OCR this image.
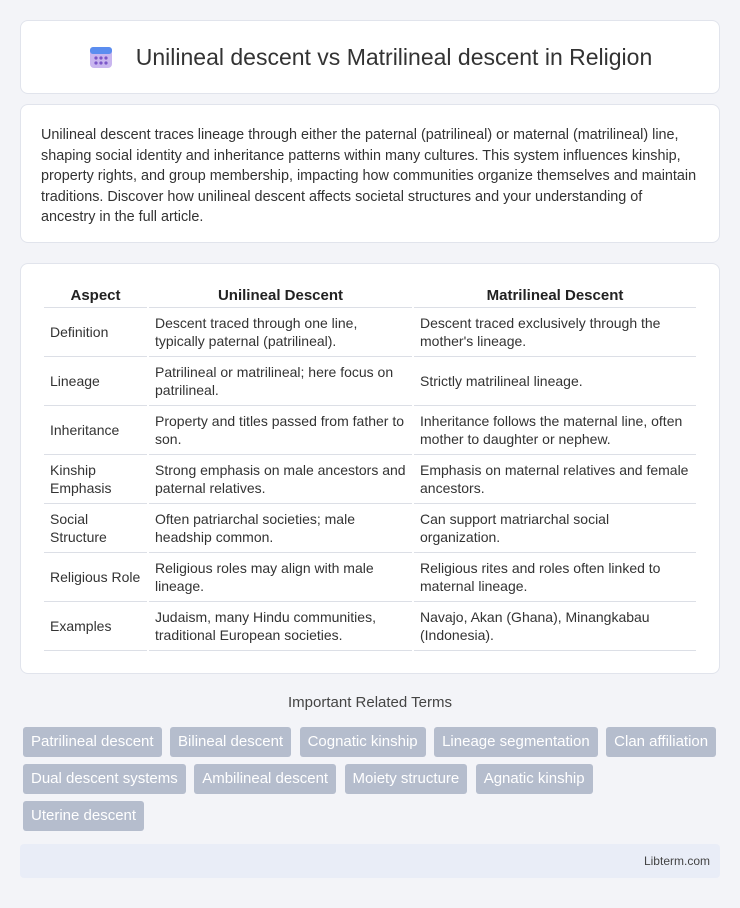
Unilineal descent vs Matrilineal descent in Religion

Unilineal descent traces lineage through either the paternal (patrilineal) or maternal (matrilineal) line, shaping social identity and inheritance patterns within many cultures. This system influences kinship, property rights, and group membership, impacting how communities organize themselves and maintain traditions. Discover how unilineal descent affects societal structures and your understanding of ancestry in the full article.

Aspect	Unilineal Descent	Matrilineal Descent
Definition	Descent traced through one line, typically paternal (patrilineal).	Descent traced exclusively through the mother's lineage.
Lineage	Patrilineal or matrilineal; here focus on patrilineal.	Strictly matrilineal lineage.
Inheritance	Property and titles passed from father to son.	Inheritance follows the maternal line, often mother to daughter or nephew.
Kinship Emphasis	Strong emphasis on male ancestors and paternal relatives.	Emphasis on maternal relatives and female ancestors.
Social Structure	Often patriarchal societies; male headship common.	Can support matriarchal social organization.
Religious Role	Religious roles may align with male lineage.	Religious rites and roles often linked to maternal lineage.
Examples	Judaism, many Hindu communities, traditional European societies.	Navajo, Akan (Ghana), Minangkabau (Indonesia).
Important Related Terms
Patrilineal descent Bilineal descent Cognatic kinship Lineage segmentation Clan affiliation Dual descent systems Ambilineal descent Moiety structure Agnatic kinship Uterine descent
Libterm.com
